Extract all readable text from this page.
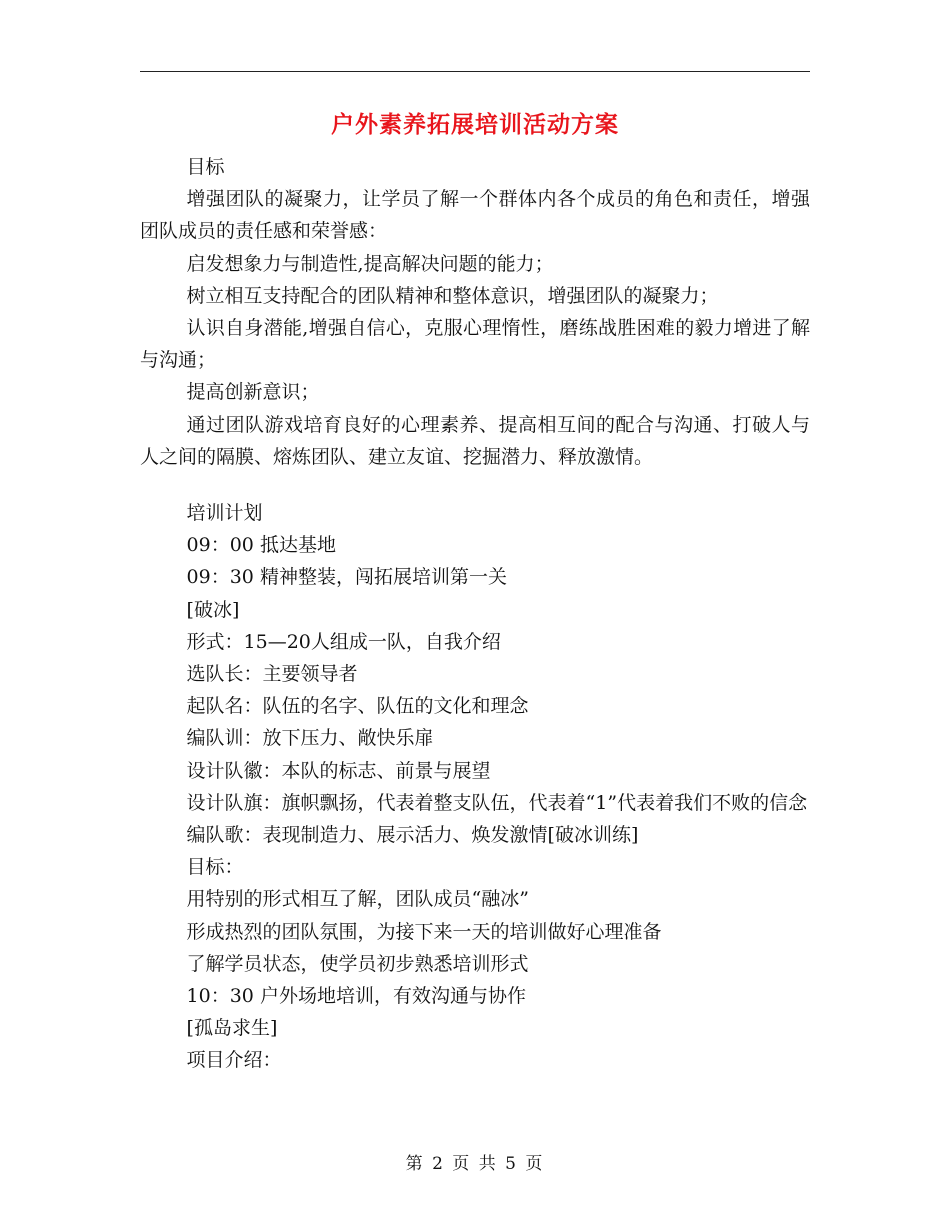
户外素养拓展培训活动方案

目标

增强团队的凝聚力，让学员了解一个群体内各个成员的角色和责任，增强团队成员的责任感和荣誉感：

启发想象力与制造性,提高解决问题的能力；

树立相互支持配合的团队精神和整体意识，增强团队的凝聚力；

认识自身潜能,增强自信心，克服心理惰性，磨练战胜困难的毅力增进了解与沟通；

提高创新意识；

通过团队游戏培育良好的心理素养、提高相互间的配合与沟通、打破人与人之间的隔膜、熔炼团队、建立友谊、挖掘潜力、释放激情。

培训计划

09：00 抵达基地

09：30 精神整装，闯拓展培训第一关

[破冰]

形式：15—20人组成一队，自我介绍

选队长：主要领导者

起队名：队伍的名字、队伍的文化和理念

编队训：放下压力、敞快乐扉

设计队徽：本队的标志、前景与展望

设计队旗：旗帜飘扬，代表着整支队伍，代表着“1”代表着我们不败的信念

编队歌：表现制造力、展示活力、焕发激情[破冰训练]

目标：

用特别的形式相互了解，团队成员“融冰”

形成热烈的团队氛围，为接下来一天的培训做好心理准备

了解学员状态，使学员初步熟悉培训形式

10：30 户外场地培训，有效沟通与协作

[孤岛求生]

项目介绍：

第 2 页 共 5 页
